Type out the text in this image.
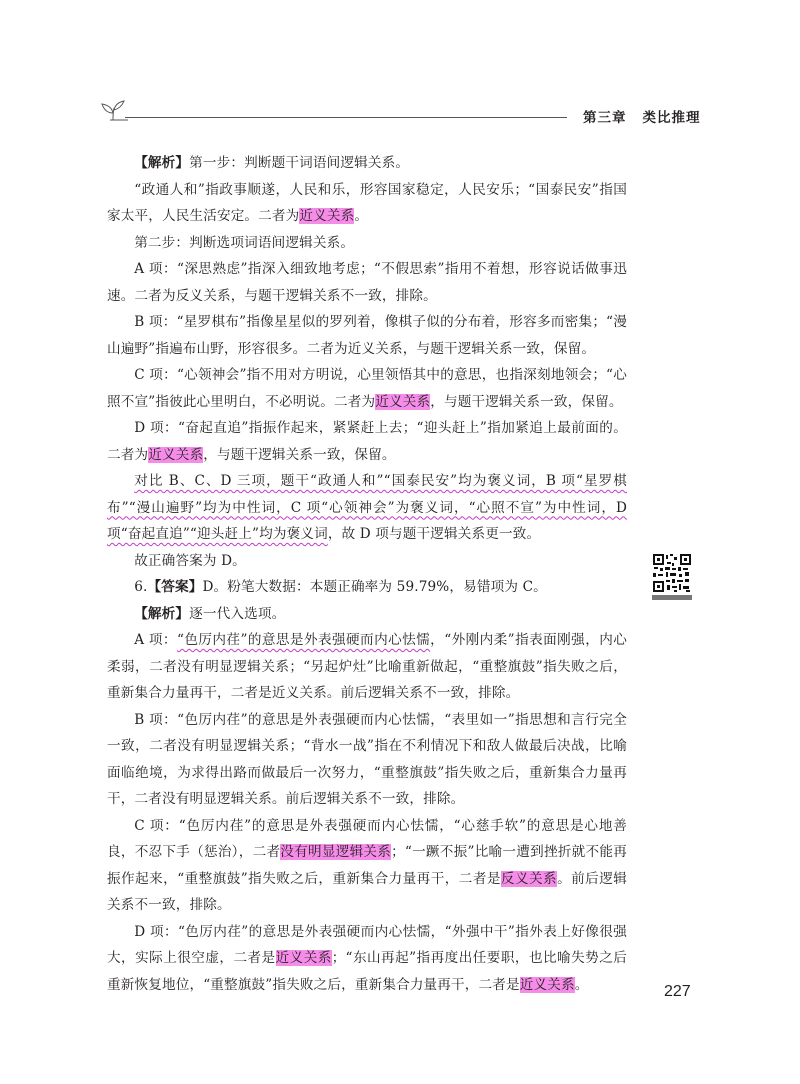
第三章 类比推理

【解析】第一步：判断题干词语间逻辑关系。

“政通人和”指政事顺遂，人民和乐，形容国家稳定，人民安乐；“国泰民安”指国家太平，人民生活安定。二者为近义关系。

第二步：判断选项词语间逻辑关系。

A 项：“深思熟虑”指深入细致地考虑；“不假思索”指用不着想，形容说话做事迅速。二者为反义关系，与题干逻辑关系不一致，排除。

B 项：“星罗棋布”指像星星似的罗列着，像棋子似的分布着，形容多而密集；“漫山遍野”指遍布山野，形容很多。二者为近义关系，与题干逻辑关系一致，保留。

C 项：“心领神会”指不用对方明说，心里领悟其中的意思，也指深刻地领会；“心照不宣”指彼此心里明白，不必明说。二者为近义关系，与题干逻辑关系一致，保留。

D 项：“奋起直追”指振作起来，紧紧赶上去；“迎头赶上”指加紧追上最前面的。二者为近义关系，与题干逻辑关系一致，保留。

对比 B、C、D 三项，题干“政通人和”“国泰民安”均为褒义词，B 项“星罗棋布”“漫山遍野”均为中性词，C 项“心领神会”为褒义词，“心照不宣”为中性词，D 项“奋起直追”“迎头赶上”均为褒义词，故 D 项与题干逻辑关系更一致。

故正确答案为 D。

6.【答案】D。粉笔大数据：本题正确率为 59.79%，易错项为 C。

【解析】逐一代入选项。

A 项：“色厉内荏”的意思是外表强硬而内心怯懦，“外刚内柔”指表面刚强，内心柔弱，二者没有明显逻辑关系；“另起炉灶”比喻重新做起，“重整旗鼓”指失败之后，重新集合力量再干，二者是近义关系。前后逻辑关系不一致，排除。

B 项：“色厉内荏”的意思是外表强硬而内心怯懦，“表里如一”指思想和言行完全一致，二者没有明显逻辑关系；“背水一战”指在不利情况下和敌人做最后决战，比喻面临绝境，为求得出路而做最后一次努力，“重整旗鼓”指失败之后，重新集合力量再干，二者没有明显逻辑关系。前后逻辑关系不一致，排除。

C 项：“色厉内荏”的意思是外表强硬而内心怯懦，“心慈手软”的意思是心地善良，不忍下手（惩治），二者没有明显逻辑关系；“一蹶不振”比喻一遭到挫折就不能再振作起来，“重整旗鼓”指失败之后，重新集合力量再干，二者是反义关系。前后逻辑关系不一致，排除。

D 项：“色厉内荏”的意思是外表强硬而内心怯懦，“外强中干”指外表上好像很强大，实际上很空虚，二者是近义关系；“东山再起”指再度出任要职，也比喻失势之后重新恢复地位，“重整旗鼓”指失败之后，重新集合力量再干，二者是近义关系。	227
